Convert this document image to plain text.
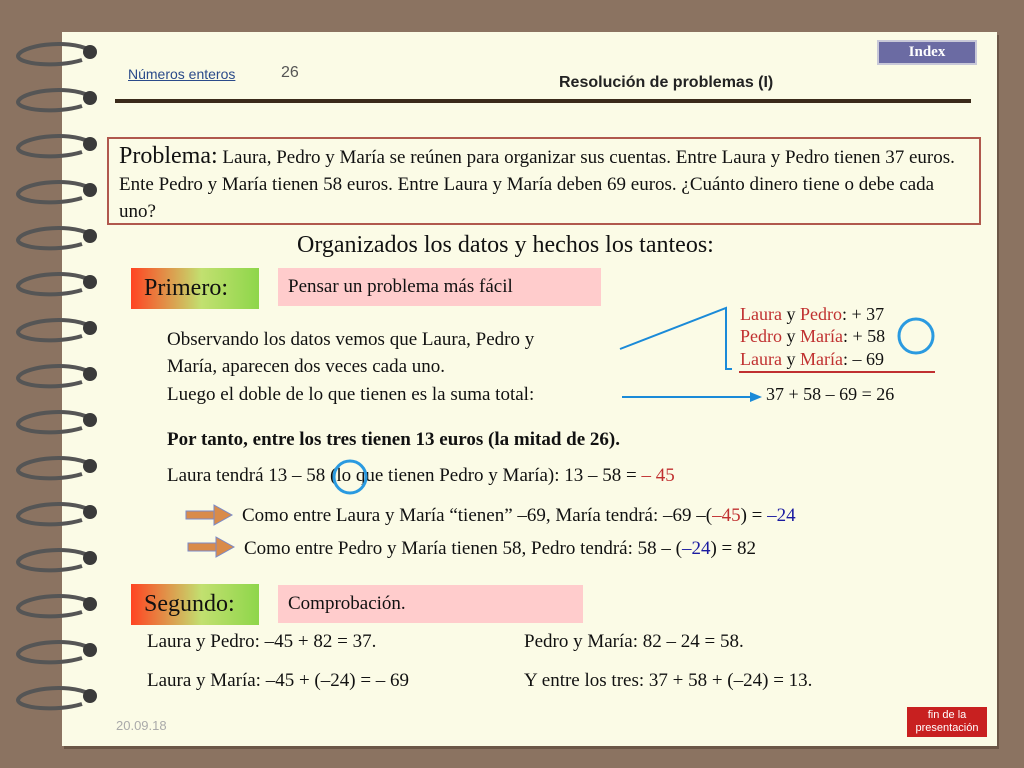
Números enteros	26
Resolución de problemas (I)
Index
Problema: Laura, Pedro y María se reúnen para organizar sus cuentas. Entre Laura y Pedro tienen 37 euros. Ente Pedro y María tienen 58 euros. Entre Laura y María deben 69 euros. ¿Cuánto dinero tiene o debe cada uno?
Organizados los datos y hechos los tanteos:
Primero:	Pensar un problema más fácil
Observando los datos vemos que Laura, Pedro y
María, aparecen dos veces cada uno.
Luego el doble de lo que tienen es la suma total:
Laura y Pedro: + 37
Pedro y María: + 58
Laura y María: – 69
37 + 58 – 69 = 26
Por tanto, entre los tres tienen 13 euros (la mitad de 26).
Laura tendrá 13 – 58 (lo que tienen Pedro y María): 13 – 58 = – 45
Como entre Laura y María “tienen” –69, María tendrá: –69 –(–45) = –24
Como entre Pedro y María tienen 58, Pedro tendrá: 58 – (–24) = 82
Segundo:	Comprobación.
Laura y Pedro: –45 + 82 = 37.	Pedro y María: 82 – 24 = 58.
Laura y María: –45 + (–24) = – 69	Y entre los tres: 37 + 58 + (–24) = 13.
20.09.18
fin de la presentación
